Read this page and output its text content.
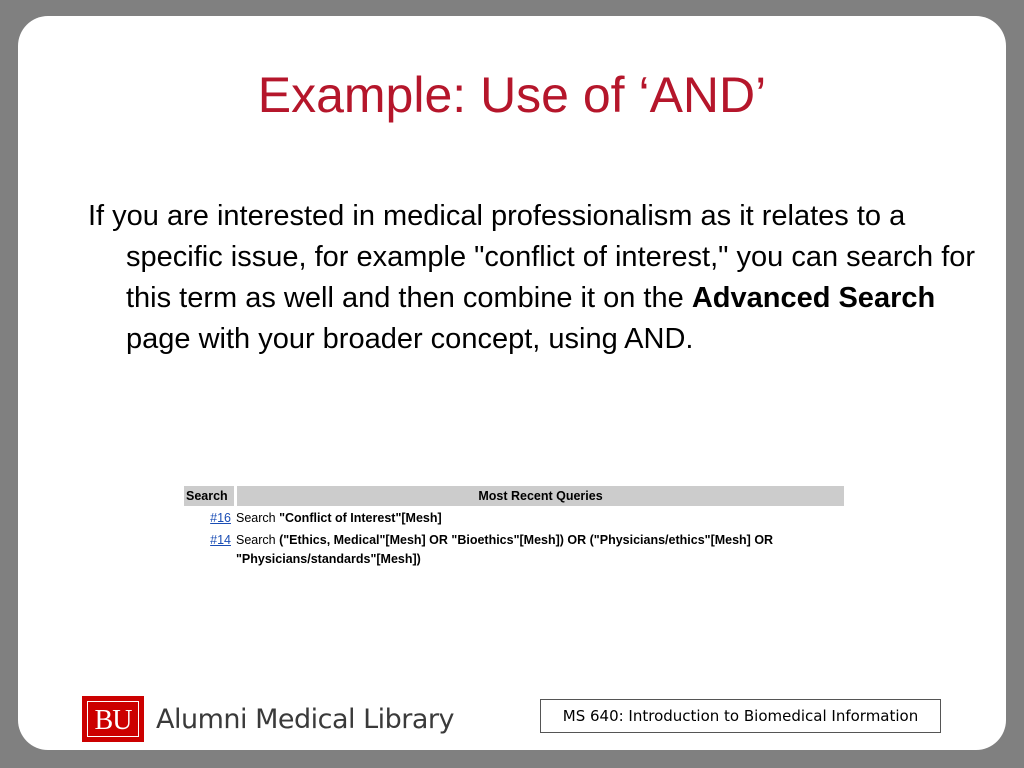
Example: Use of ‘AND’

If you are interested in medical professionalism as it relates to a specific issue, for example "conflict of interest," you can search for this term as well and then combine it on the Advanced Search page with your broader concept, using AND.

Search	Most Recent Queries
#16 Search "Conflict of Interest"[Mesh]
#14 Search ("Ethics, Medical"[Mesh] OR "Bioethics"[Mesh]) OR ("Physicians/ethics"[Mesh] OR "Physicians/standards"[Mesh])
BU Alumni Medical Library	MS 640: Introduction to Biomedical Information
